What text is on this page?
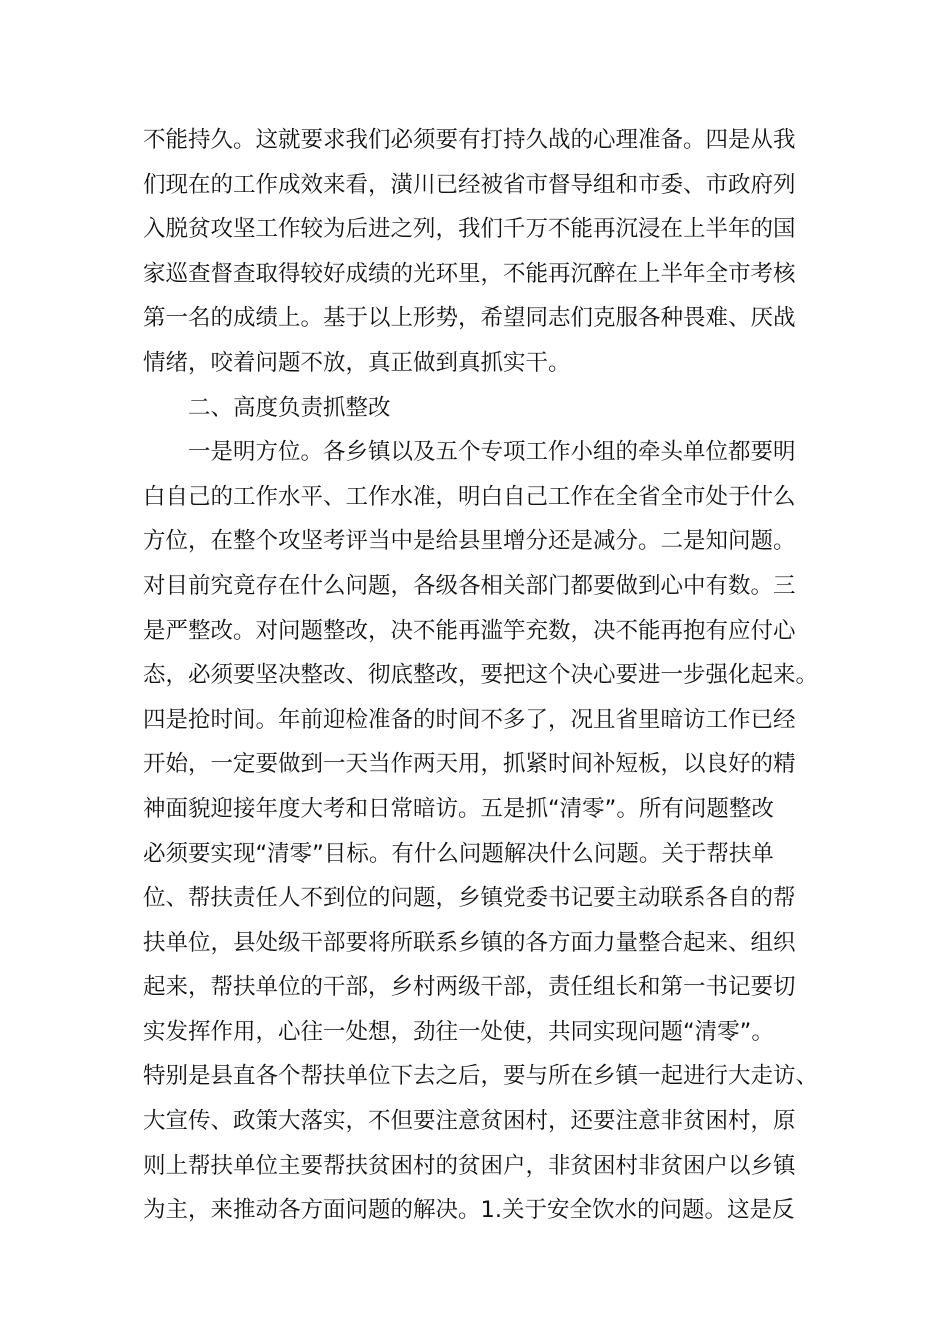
不能持久。这就要求我们必须要有打持久战的心理准备。四是从我
们现在的工作成效来看，潢川已经被省市督导组和市委、市政府列
入脱贫攻坚工作较为后进之列，我们千万不能再沉浸在上半年的国
家巡查督查取得较好成绩的光环里，不能再沉醉在上半年全市考核
第一名的成绩上。基于以上形势，希望同志们克服各种畏难、厌战
情绪，咬着问题不放，真正做到真抓实干。
　　二、高度负责抓整改
　　一是明方位。各乡镇以及五个专项工作小组的牵头单位都要明
白自己的工作水平、工作水准，明白自己工作在全省全市处于什么
方位，在整个攻坚考评当中是给县里增分还是减分。二是知问题。
对目前究竟存在什么问题，各级各相关部门都要做到心中有数。三
是严整改。对问题整改，决不能再滥竽充数，决不能再抱有应付心
态，必须要坚决整改、彻底整改，要把这个决心要进一步强化起来。
四是抢时间。年前迎检准备的时间不多了，况且省里暗访工作已经
开始，一定要做到一天当作两天用，抓紧时间补短板，以良好的精
神面貌迎接年度大考和日常暗访。五是抓“清零”。所有问题整改
必须要实现“清零”目标。有什么问题解决什么问题。关于帮扶单
位、帮扶责任人不到位的问题，乡镇党委书记要主动联系各自的帮
扶单位，县处级干部要将所联系乡镇的各方面力量整合起来、组织
起来，帮扶单位的干部，乡村两级干部，责任组长和第一书记要切
实发挥作用，心往一处想，劲往一处使，共同实现问题“清零”。
特别是县直各个帮扶单位下去之后，要与所在乡镇一起进行大走访、
大宣传、政策大落实，不但要注意贫困村，还要注意非贫困村，原
则上帮扶单位主要帮扶贫困村的贫困户，非贫困村非贫困户以乡镇
为主，来推动各方面问题的解决。1.关于安全饮水的问题。这是反
